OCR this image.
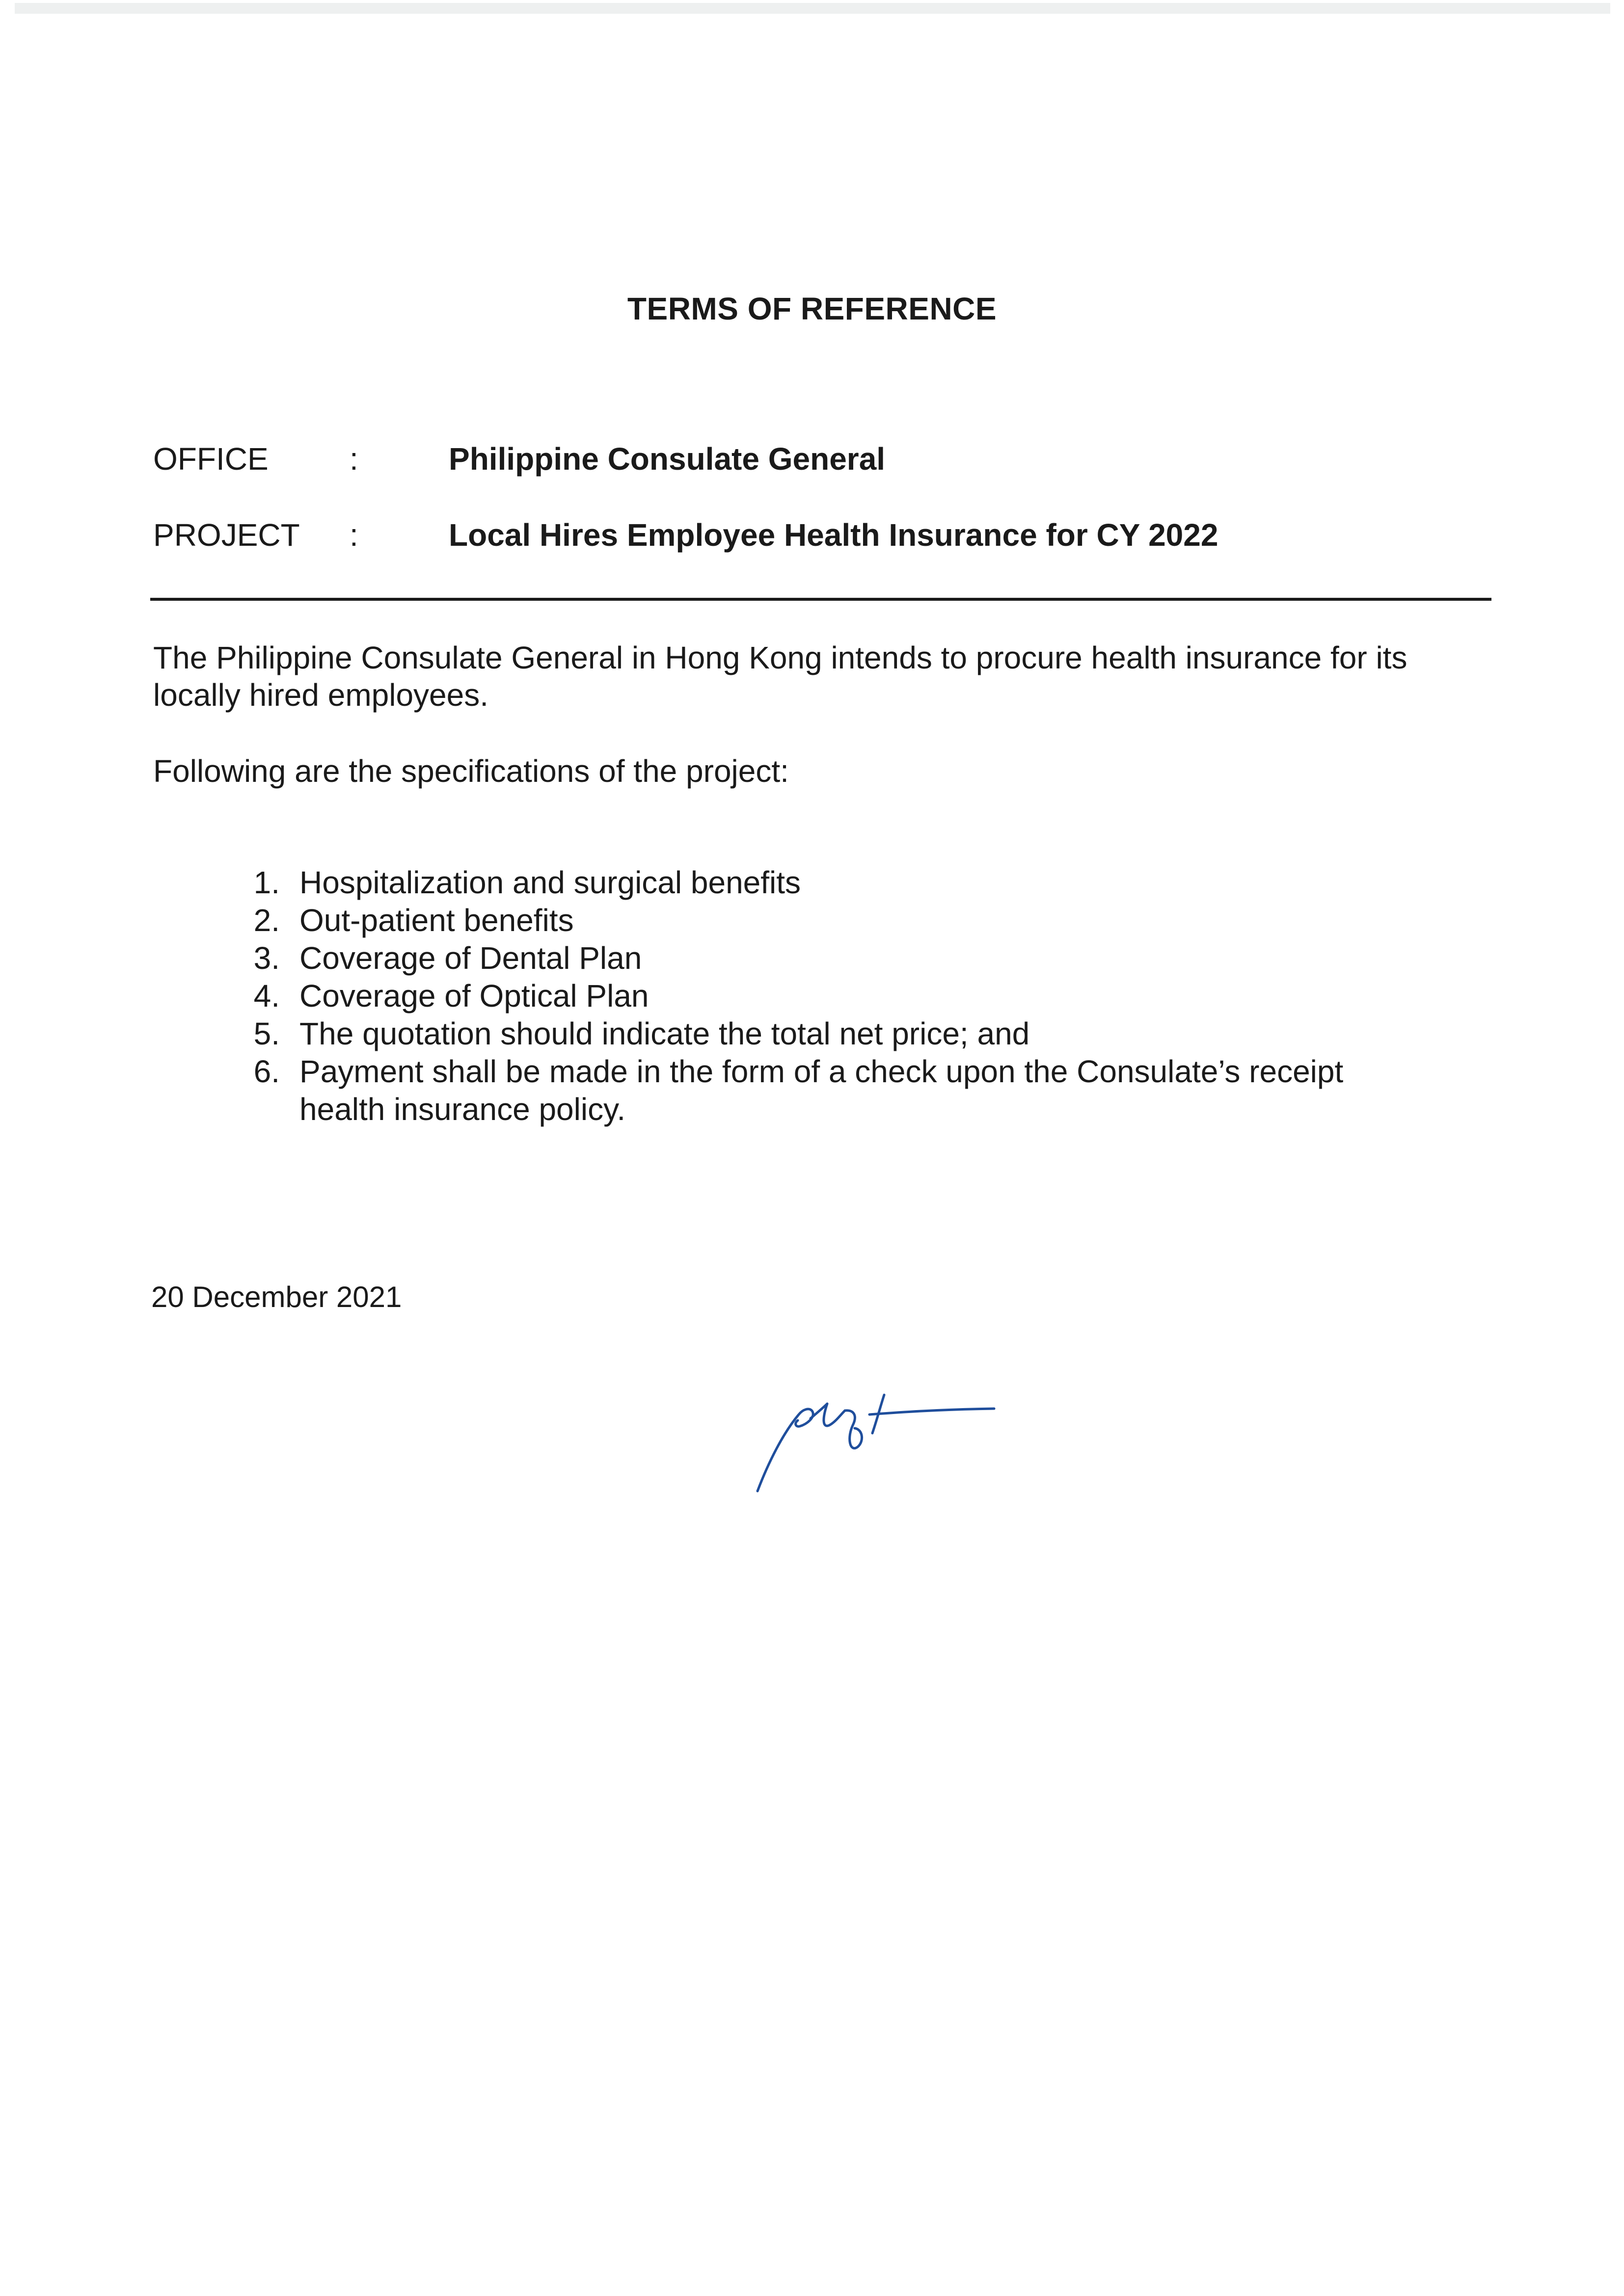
TERMS OF REFERENCE
OFFICE	:	Philippine Consulate General
PROJECT :	Local Hires Employee Health Insurance for CY 2022

The Philippine Consulate General in Hong Kong intends to procure health insurance for its
locally hired employees.

Following are the specifications of the project:

1. Hospitalization and surgical benefits
2. Out-patient benefits
3. Coverage of Dental Plan
4. Coverage of Optical Plan
5. The quotation should indicate the total net price; and
6. Payment shall be made in the form of a check upon the Consulate’s receipt
health insurance policy.

20 December 2021
